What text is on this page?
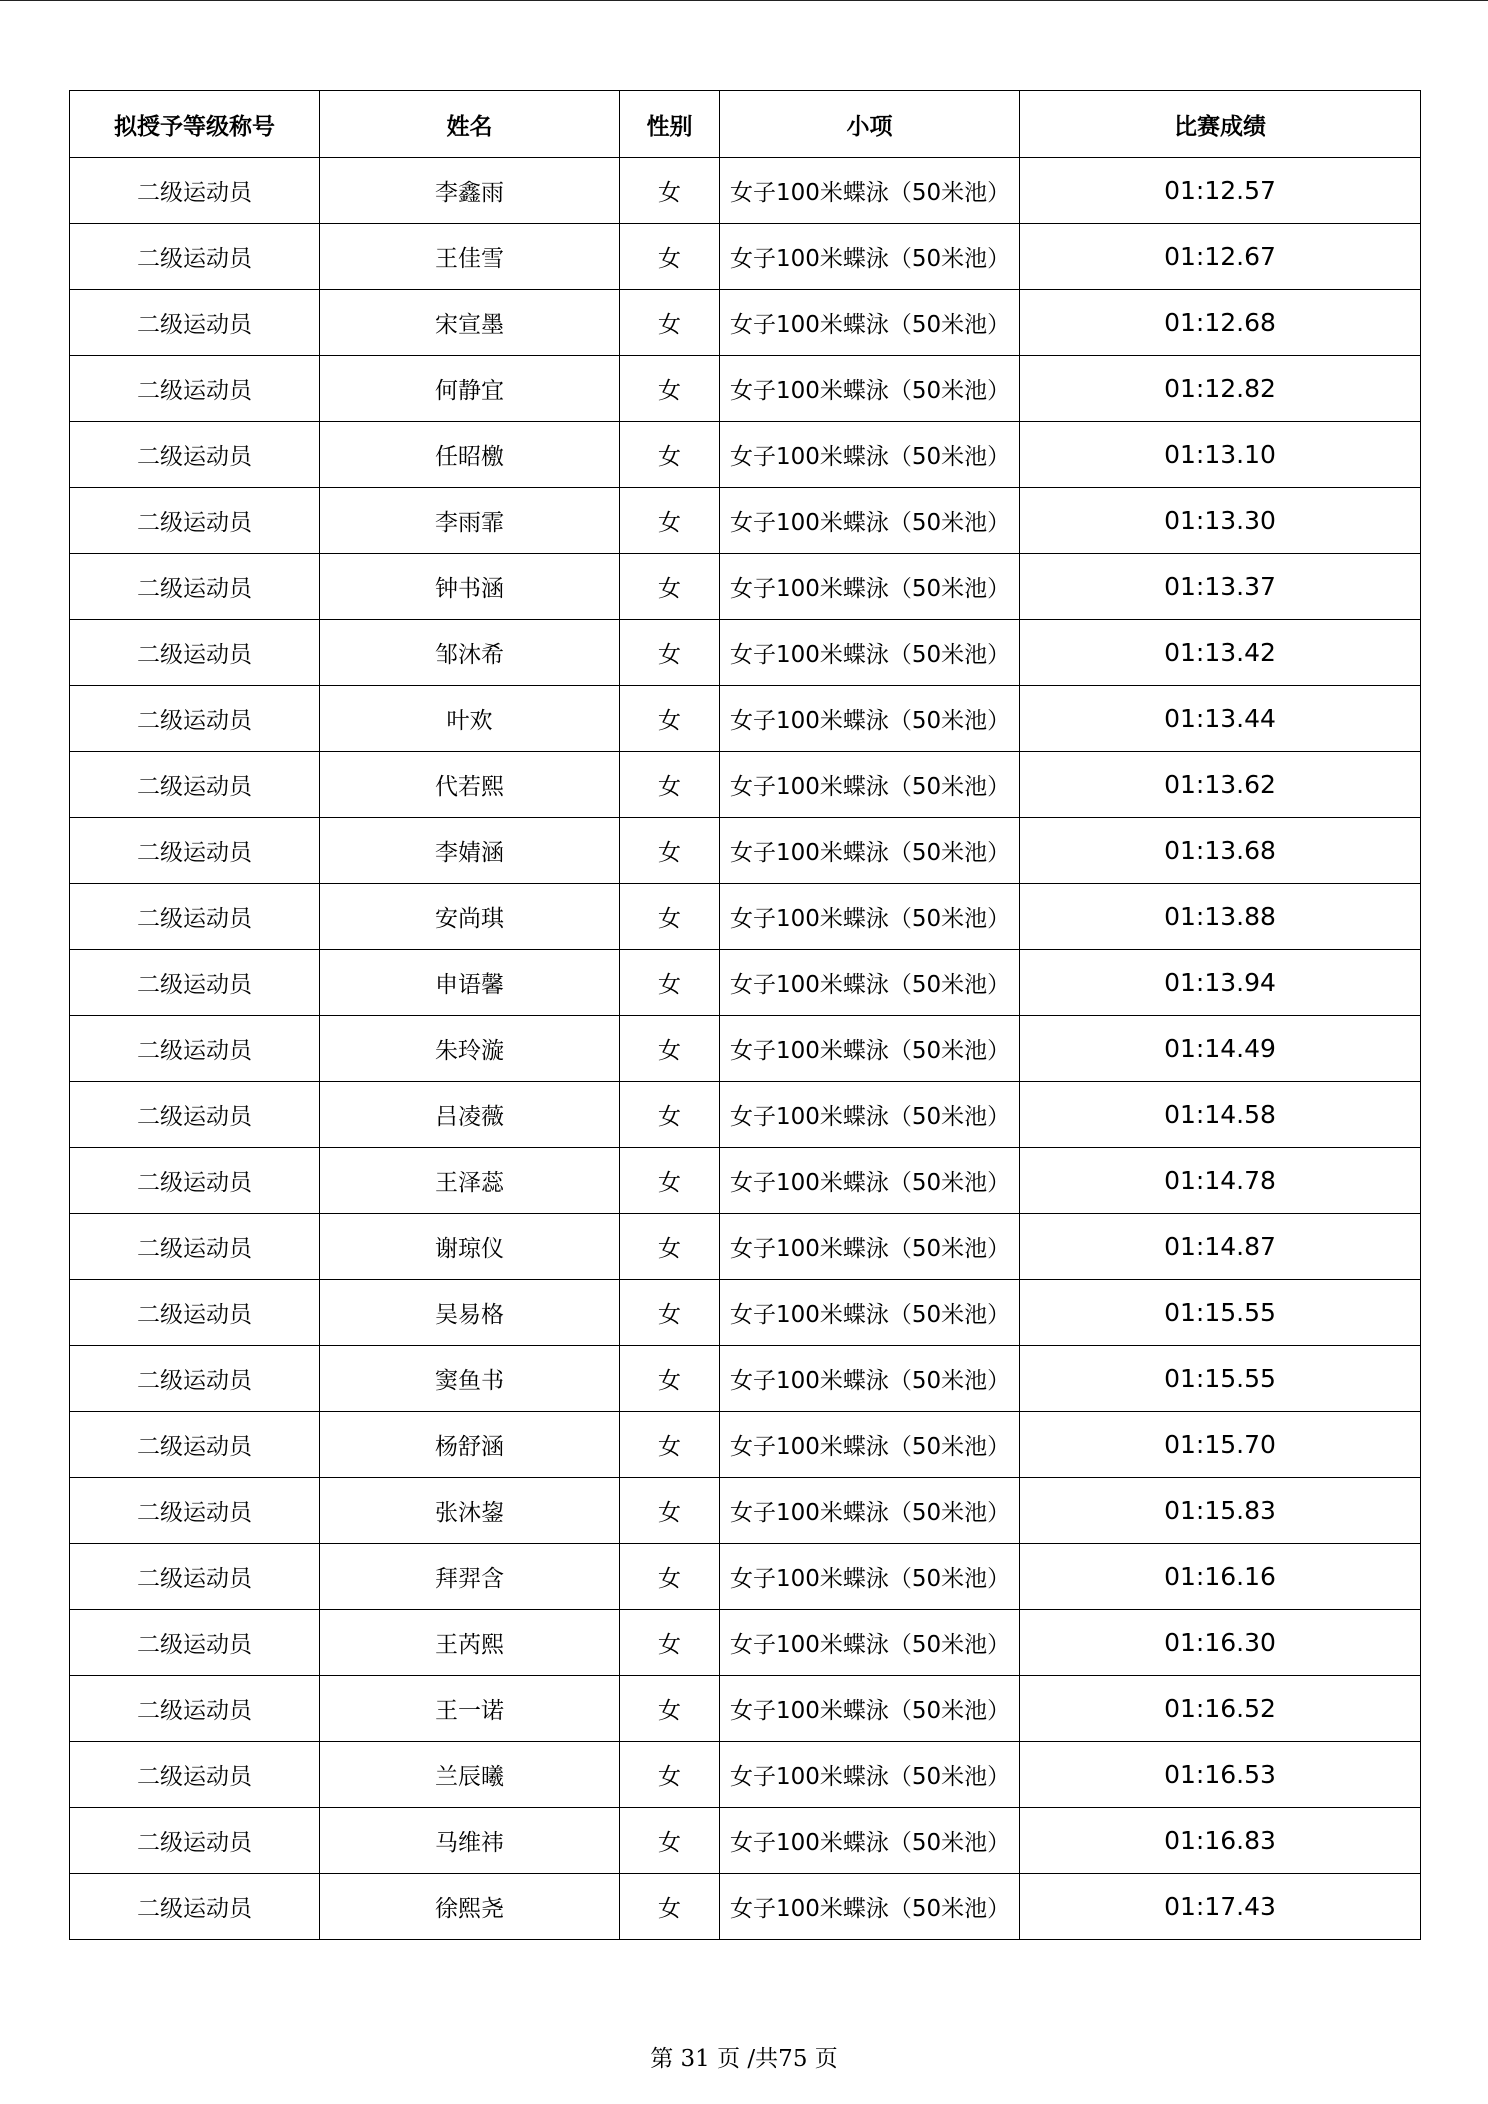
拟授予等级称号	姓名	性别	小项	比赛成绩
二级运动员	李鑫雨	女	女子100米蝶泳（50米池）	01:12.57
二级运动员	王佳雪	女	女子100米蝶泳（50米池）	01:12.67
二级运动员	宋宣墨	女	女子100米蝶泳（50米池）	01:12.68
二级运动员	何静宜	女	女子100米蝶泳（50米池）	01:12.82
二级运动员	任昭檄	女	女子100米蝶泳（50米池）	01:13.10
二级运动员	李雨霏	女	女子100米蝶泳（50米池）	01:13.30
二级运动员	钟书涵	女	女子100米蝶泳（50米池）	01:13.37
二级运动员	邹沐希	女	女子100米蝶泳（50米池）	01:13.42
二级运动员	叶欢	女	女子100米蝶泳（50米池）	01:13.44
二级运动员	代若熙	女	女子100米蝶泳（50米池）	01:13.62
二级运动员	李婧涵	女	女子100米蝶泳（50米池）	01:13.68
二级运动员	安尚琪	女	女子100米蝶泳（50米池）	01:13.88
二级运动员	申语馨	女	女子100米蝶泳（50米池）	01:13.94
二级运动员	朱玲漩	女	女子100米蝶泳（50米池）	01:14.49
二级运动员	吕凌薇	女	女子100米蝶泳（50米池）	01:14.58
二级运动员	王泽蕊	女	女子100米蝶泳（50米池）	01:14.78
二级运动员	谢琼仪	女	女子100米蝶泳（50米池）	01:14.87
二级运动员	吴易格	女	女子100米蝶泳（50米池）	01:15.55
二级运动员	窦鱼书	女	女子100米蝶泳（50米池）	01:15.55
二级运动员	杨舒涵	女	女子100米蝶泳（50米池）	01:15.70
二级运动员	张沐鋆	女	女子100米蝶泳（50米池）	01:15.83
二级运动员	拜羿含	女	女子100米蝶泳（50米池）	01:16.16
二级运动员	王芮熙	女	女子100米蝶泳（50米池）	01:16.30
二级运动员	王一诺	女	女子100米蝶泳（50米池）	01:16.52
二级运动员	兰辰曦	女	女子100米蝶泳（50米池）	01:16.53
二级运动员	马维祎	女	女子100米蝶泳（50米池）	01:16.83
二级运动员	徐熙尧	女	女子100米蝶泳（50米池）	01:17.43
第 31 页 /共75 页
